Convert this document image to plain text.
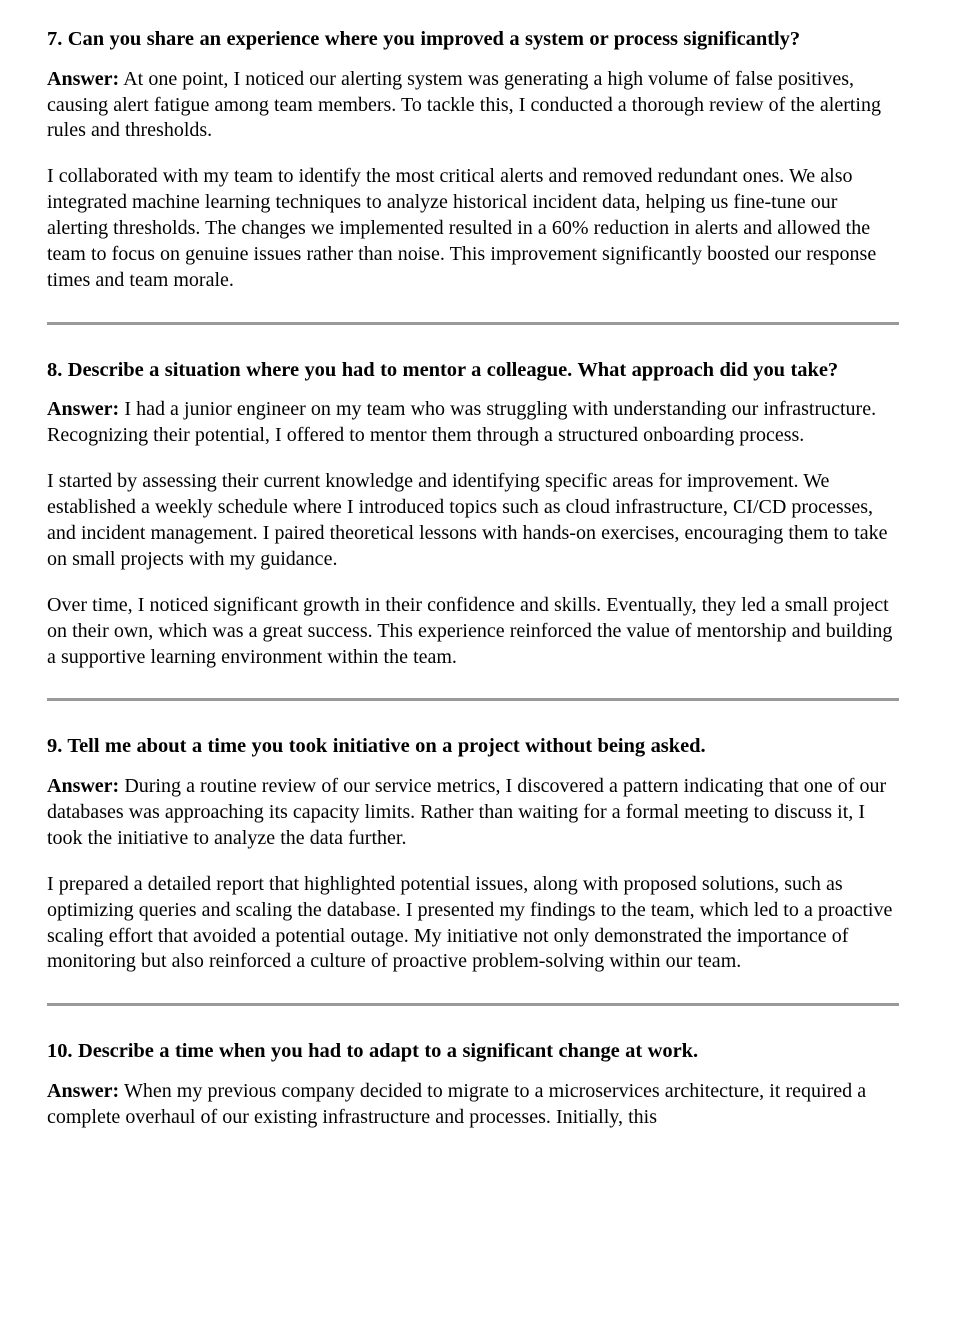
7. Can you share an experience where you improved a system or process significantly?

Answer: At one point, I noticed our alerting system was generating a high volume of false positives, causing alert fatigue among team members. To tackle this, I conducted a thorough review of the alerting rules and thresholds.

I collaborated with my team to identify the most critical alerts and removed redundant ones. We also integrated machine learning techniques to analyze historical incident data, helping us fine-tune our alerting thresholds. The changes we implemented resulted in a 60% reduction in alerts and allowed the team to focus on genuine issues rather than noise. This improvement significantly boosted our response times and team morale.

8. Describe a situation where you had to mentor a colleague. What approach did you take?

Answer: I had a junior engineer on my team who was struggling with understanding our infrastructure. Recognizing their potential, I offered to mentor them through a structured onboarding process.

I started by assessing their current knowledge and identifying specific areas for improvement. We established a weekly schedule where I introduced topics such as cloud infrastructure, CI/CD processes, and incident management. I paired theoretical lessons with hands-on exercises, encouraging them to take on small projects with my guidance.

Over time, I noticed significant growth in their confidence and skills. Eventually, they led a small project on their own, which was a great success. This experience reinforced the value of mentorship and building a supportive learning environment within the team.

9. Tell me about a time you took initiative on a project without being asked.

Answer: During a routine review of our service metrics, I discovered a pattern indicating that one of our databases was approaching its capacity limits. Rather than waiting for a formal meeting to discuss it, I took the initiative to analyze the data further.

I prepared a detailed report that highlighted potential issues, along with proposed solutions, such as optimizing queries and scaling the database. I presented my findings to the team, which led to a proactive scaling effort that avoided a potential outage. My initiative not only demonstrated the importance of monitoring but also reinforced a culture of proactive problem-solving within our team.

10. Describe a time when you had to adapt to a significant change at work.

Answer: When my previous company decided to migrate to a microservices architecture, it required a complete overhaul of our existing infrastructure and processes. Initially, this
